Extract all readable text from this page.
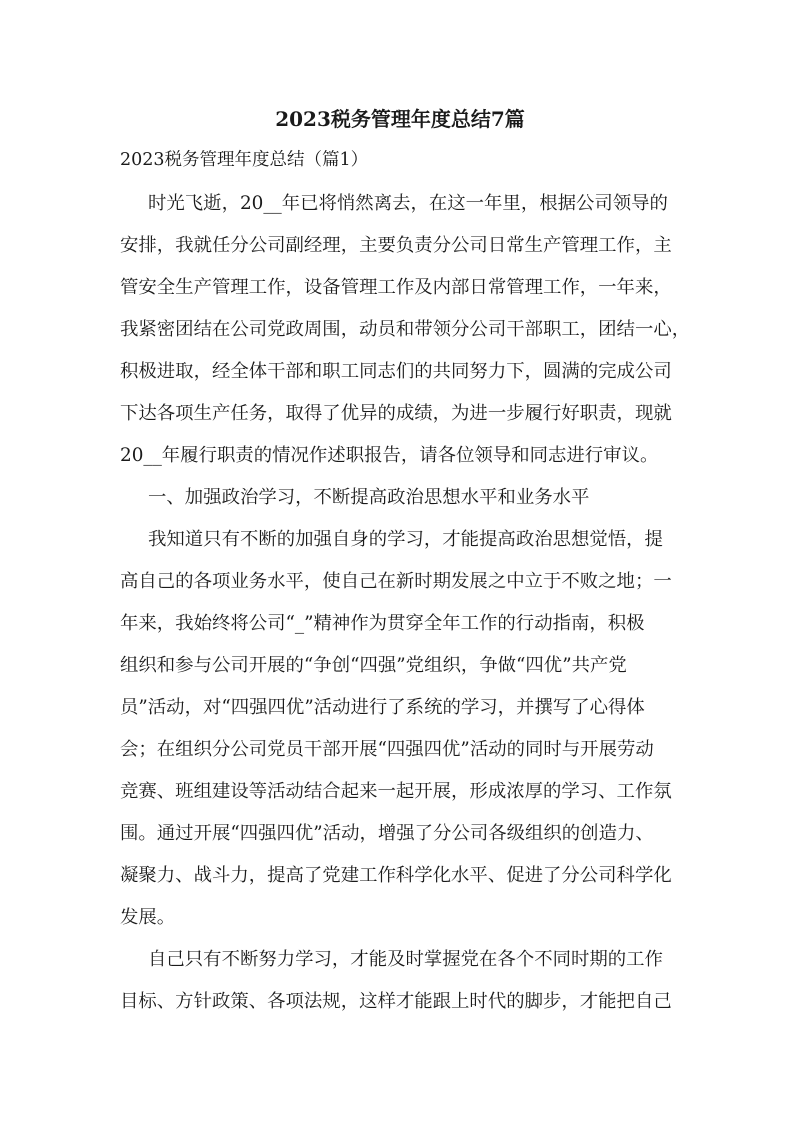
2023税务管理年度总结7篇
2023税务管理年度总结（篇1）
时光飞逝，20__年已将悄然离去，在这一年里，根据公司领导的
安排，我就任分公司副经理，主要负责分公司日常生产管理工作，主
管安全生产管理工作，设备管理工作及内部日常管理工作，一年来，
我紧密团结在公司党政周围，动员和带领分公司干部职工，团结一心，
积极进取，经全体干部和职工同志们的共同努力下，圆满的完成公司
下达各项生产任务，取得了优异的成绩，为进一步履行好职责，现就
20__年履行职责的情况作述职报告，请各位领导和同志进行审议。
一、加强政治学习，不断提高政治思想水平和业务水平
我知道只有不断的加强自身的学习，才能提高政治思想觉悟，提
高自己的各项业务水平，使自己在新时期发展之中立于不败之地；一
年来，我始终将公司“_”精神作为贯穿全年工作的行动指南，积极
组织和参与公司开展的“争创“四强”党组织，争做“四优”共产党
员”活动，对“四强四优”活动进行了系统的学习，并撰写了心得体
会；在组织分公司党员干部开展“四强四优”活动的同时与开展劳动
竞赛、班组建设等活动结合起来一起开展，形成浓厚的学习、工作氛
围。通过开展“四强四优”活动，增强了分公司各级组织的创造力、
凝聚力、战斗力，提高了党建工作科学化水平、促进了分公司科学化
发展。
自己只有不断努力学习，才能及时掌握党在各个不同时期的工作
目标、方针政策、各项法规，这样才能跟上时代的脚步，才能把自己
